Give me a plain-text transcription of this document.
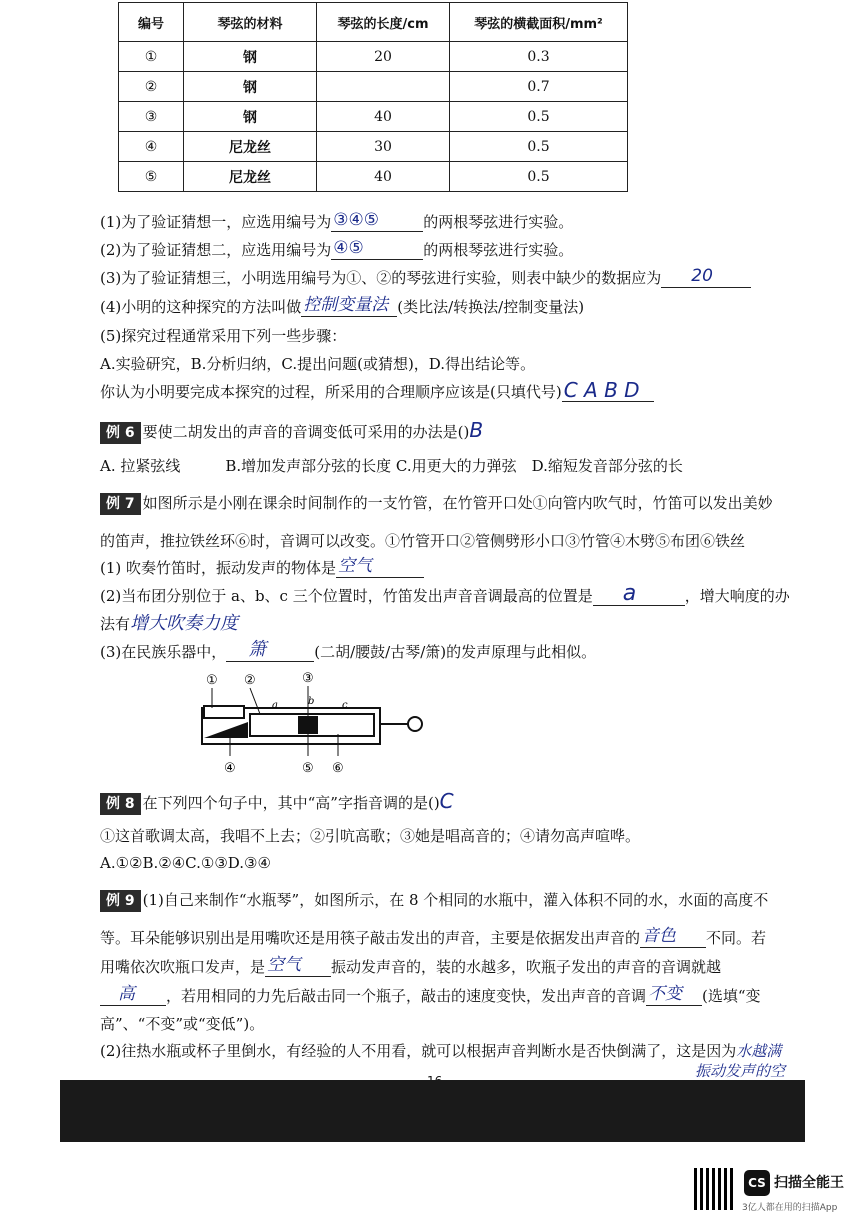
编号	琴弦的材料	琴弦的长度/cm	琴弦的横截面积/mm²
①	钢	20	0.3
②	钢		0.7
③	钢	40	0.5
④	尼龙丝	30	0.5
⑤	尼龙丝	40	0.5
(1)为了验证猜想一，应选用编号为 ③④⑤	的两根琴弦进行实验。
(2)为了验证猜想二，应选用编号为 ④⑤	的两根琴弦进行实验。
(3)为了验证猜想三，小明选用编号为①、②的琴弦进行实验，则表中缺少的数据应为 20
(4)小明的这种探究的方法叫做 控制变量法 (类比法/转换法/控制变量法)
(5)探究过程通常采用下列一些步骤：
A.实验研究，B.分析归纳，C.提出问题(或猜想)，D.得出结论等。
你认为小明要完成本探究的过程，所采用的合理顺序应该是(只填代号) C A B D
例 6 要使二胡发出的声音的音调变低可采用的办法是()B
A. 拉紧弦线　　　B.增加发声部分弦的长度 C.用更大的力弹弦　D.缩短发音部分弦的长
例 7 如图所示是小刚在课余时间制作的一支竹管，在竹管开口处①向管内吹气时，竹笛可以发出美妙
的笛声，推拉铁丝环⑥时，音调可以改变。①竹管开口②管侧劈形小口③竹管④木劈⑤布团⑥铁丝
(1) 吹奏竹笛时，振动发声的物体是 空气
(2)当布团分别位于 a、b、c 三个位置时，竹笛发出声音音调最高的位置是 a	，增大响度的办
法有增大吹奏力度
(3)在民族乐器中， 箫	(二胡/腰鼓/古琴/箫)的发声原理与此相似。
① ②	③
④	⑤ ⑥
a	b	c
例 8 在下列四个句子中，其中“高”字指音调的是()C
①这首歌调太高，我唱不上去；②引吭高歌；③她是唱高音的；④请勿高声喧哗。
A.①②B.②④C.①③D.③④
例 9 (1)自己来制作“水瓶琴”，如图所示，在 8 个相同的水瓶中，灌入体积不同的水，水面的高度不
等。耳朵能够识别出是用嘴吹还是用筷子敲击发出的声音，主要是依据发出声音的 音色 不同。若
用嘴依次吹瓶口发声，是 空气 振动发声音的，装的水越多，吹瓶子发出的声音的音调就越
高 ，若用相同的力先后敲击同一个瓶子，敲击的速度变快，发出声音的音调 不变 (选填“变
高”、“不变”或“变低”)。
(2)往热水瓶或杯子里倒水，有经验的人不用看，就可以根据声音判断水是否快倒满了，这是因为水越满
振动发声的空
CS 扫描全能王
3亿人都在用的扫描App
